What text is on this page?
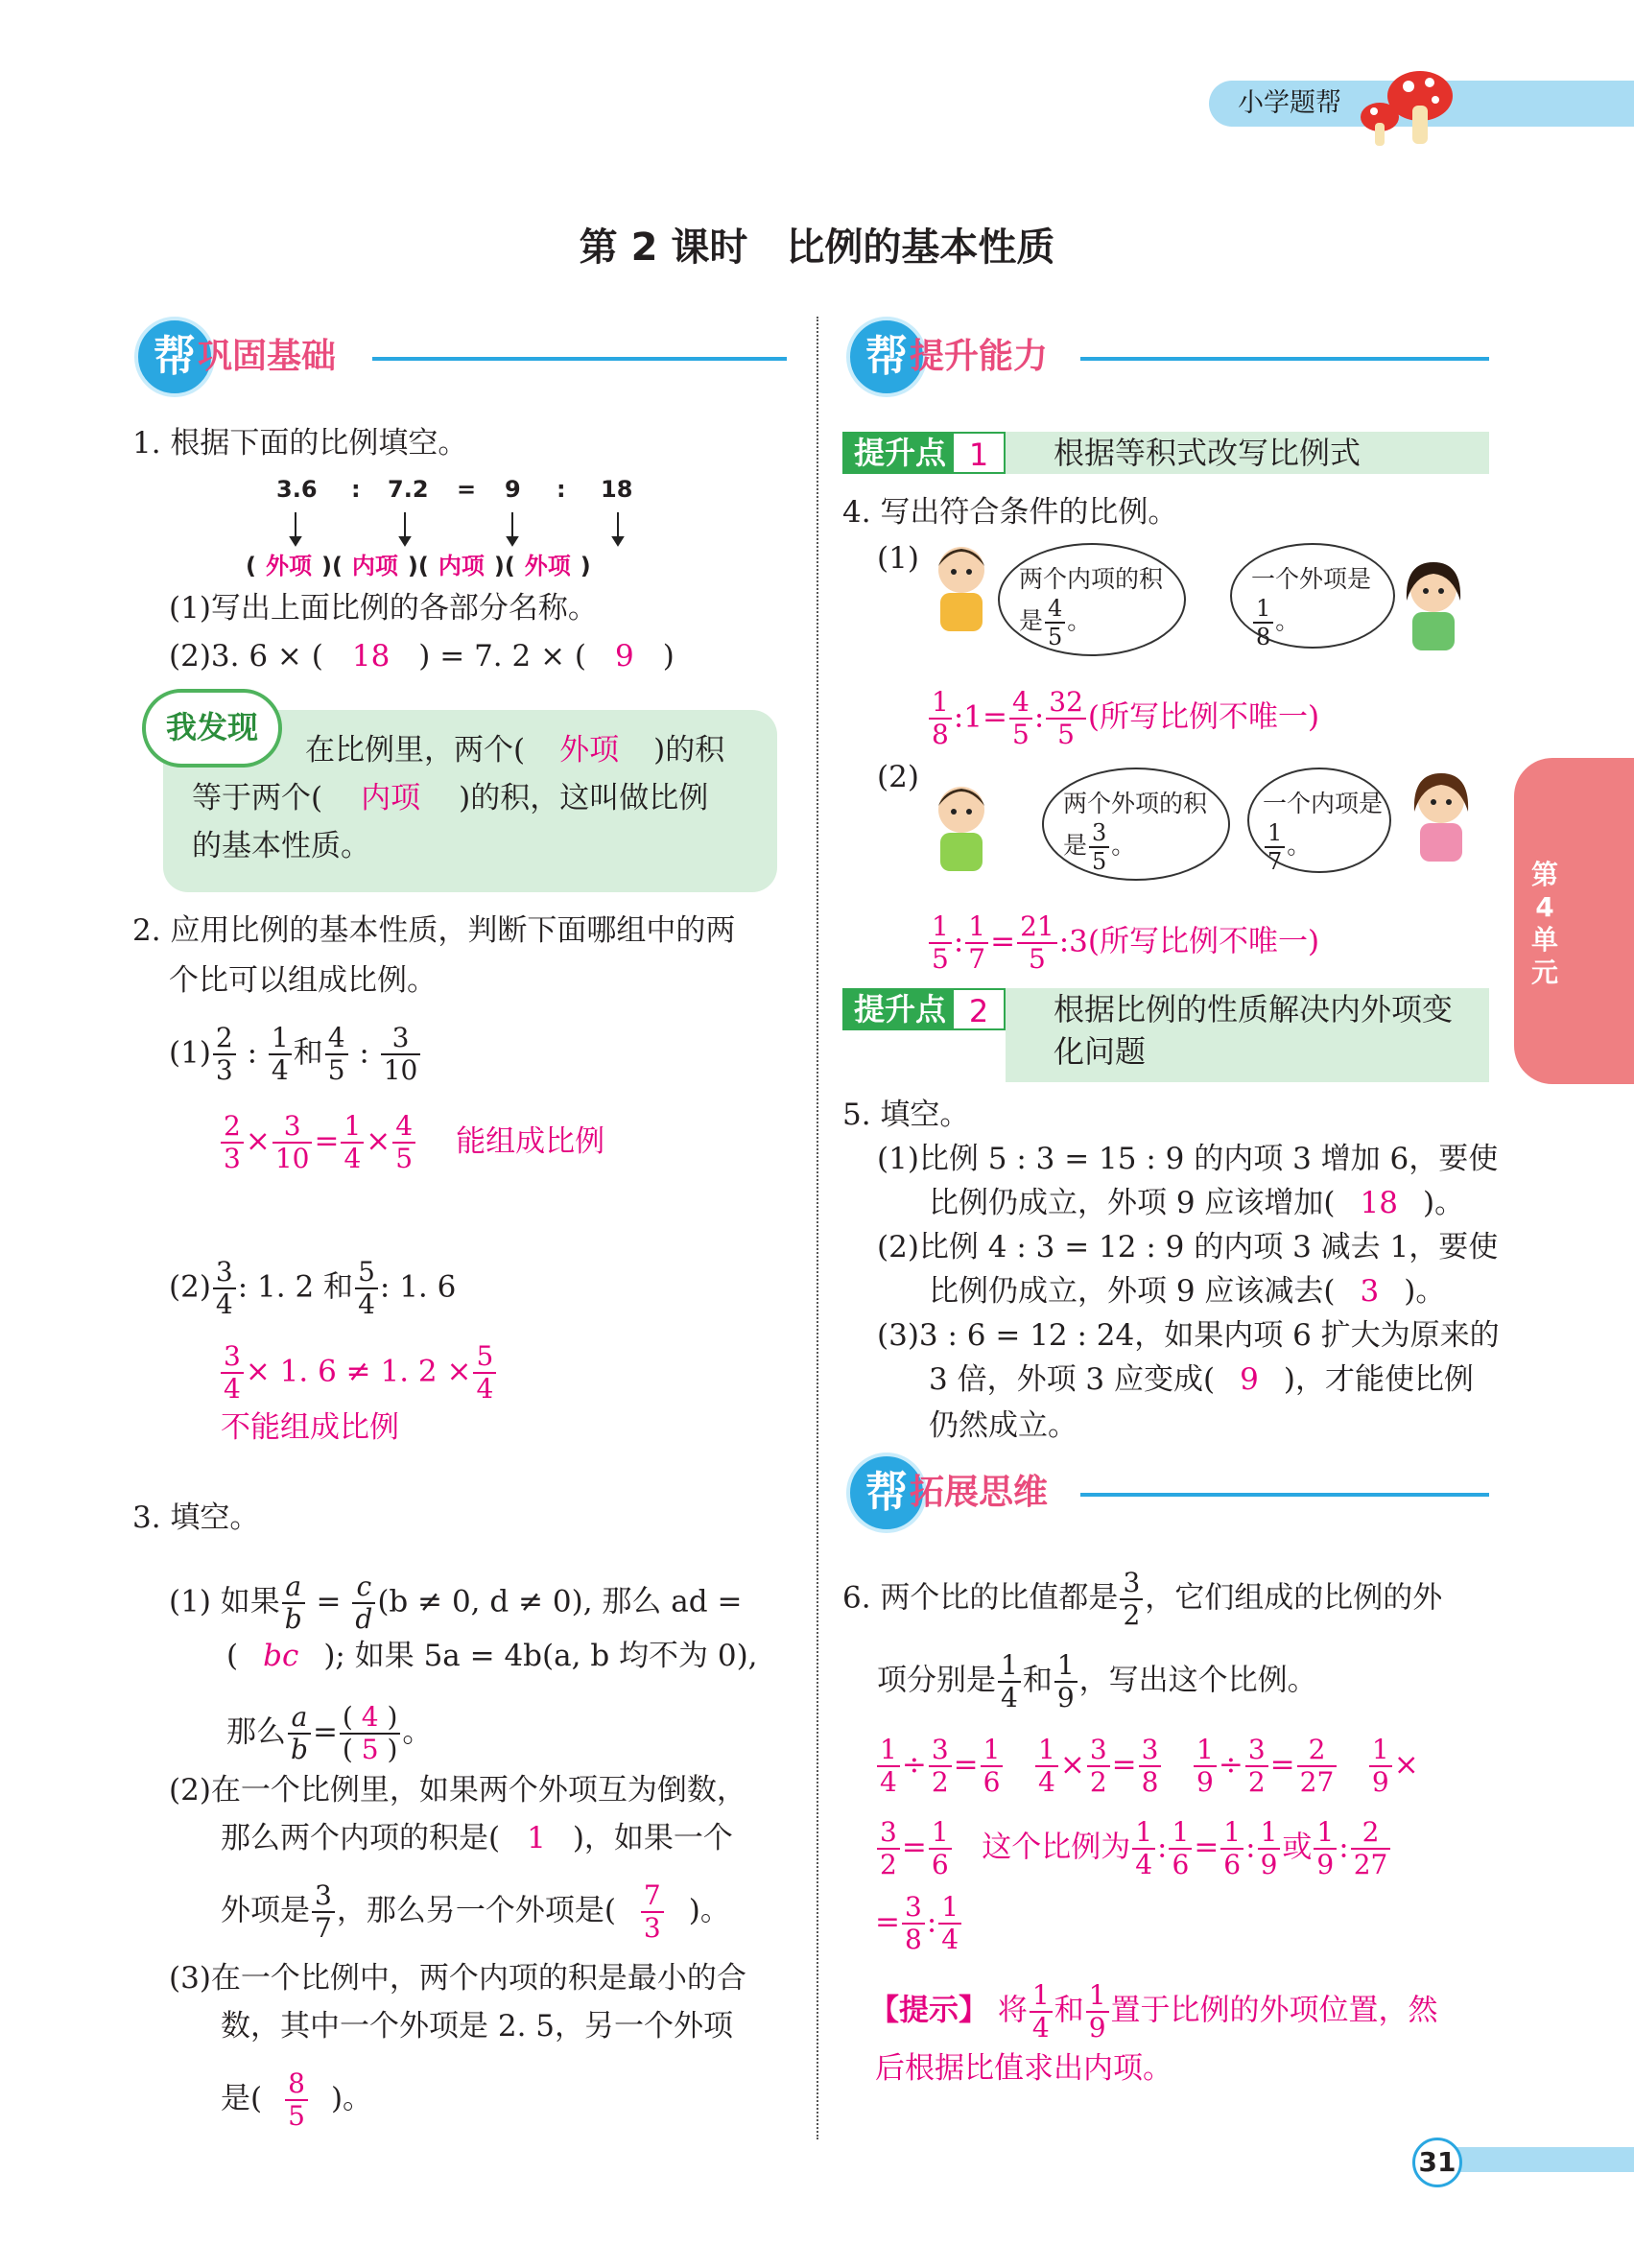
小学题帮
第 2 课时　比例的基本性质
帮 巩固基础
1. 根据下面的比例填空。
3.6 : 7.2 = 9 : 18
( 外项 )( 内项 )( 内项 )( 外项 )
(1)写出上面比例的各部分名称。
(2)3. 6 × ( 18 ) = 7. 2 × ( 9 )
我发现
在比例里，两个( 外项 )的积
等于两个( 内项 )的积，这叫做比例
的基本性质。
2. 应用比例的基本性质，判断下面哪组中的两
个比可以组成比例。
$(1) \frac{2}{3}$ : $\frac{1}{4}$ 和 $\frac{4}{5}$ : $\frac{3}{10}$
$\frac{2}{3} \times \frac{3}{10} = \frac{1}{4} \times \frac{4}{5}$ 能组成比例
$(2) \frac{3}{4}$ : 1. 2 和 $\frac{5}{4}$ : 1. 6
$\frac{3}{4} \times 1$. 6 ≠ 1. $2 \times \frac{5}{4}$
不能组成比例
3. 填空。
(1) 如果 $\frac{a}{b} = \frac{c}{d} (b \ne 0$, d ≠ 0), 那么 ad =
( bc ); 如果 5a = 4b(a, b 均不为 0),
那么 $\frac{a}{b} = \frac{( 4 )}{( 5 )}$ 。
(2)在一个比例里，如果两个外项互为倒数，
那么两个内项的积是( 1 )，如果一个
外项是 $\frac{3}{7}$ ，那么另一个外项是( $\frac{7}{3}$ )。
(3)在一个比例中，两个内项的积是最小的合
数，其中一个外项是 2. 5，另一个外项
是( $\frac{8}{5}$ )。
帮 提升能力
提升点 1	根据等积式改写比例式
4. 写出符合条件的比例。
(1)
两个内项的积是 $\frac{4}{5}$ 。
一个外项是
$\frac{1}{8}$ 。
$\frac{1}{8}$ :1= $\frac{4}{5}$ : $\frac{32}{5}$ (所写比例不唯一)
(2)
两个外项的积是 $\frac{3}{5}$ 。
一个内项是
$\frac{1}{7}$ 。
$\frac{1}{5}$ : $\frac{1}{7} = \frac{21}{5}$ :3(所写比例不唯一)
提升点 2	根据比例的性质解决内外项变
化问题
5. 填空。
(1)比例 5 : 3 = 15 : 9 的内项 3 增加 6，要使
比例仍成立，外项 9 应该增加( 18 )。
(2)比例 4 : 3 = 12 : 9 的内项 3 减去 1，要使
比例仍成立，外项 9 应该减去( 3 )。
(3)3 : 6 = 12 : 24，如果内项 6 扩大为原来的
3 倍，外项 3 应变成( 9 )，才能使比例
仍然成立。
帮 拓展思维
6. 两个比的比值都是 $\frac{3}{2}$ ，它们组成的比例的外
项分别是 $\frac{1}{4}$ 和 $\frac{1}{9}$ ，写出这个比例。
$\frac{1}{4} \div \frac{3}{2} = \frac{1}{6}$
$\frac{1}{4} \times \frac{3}{2} = \frac{3}{8}$
$\frac{1}{9} \div \frac{3}{2} = \frac{2}{27}$
$\frac{1}{9}$ ×
$\frac{3}{2} = \frac{1}{6}$ 这个比例为 $\frac{1}{4}$ : $\frac{1}{6} = \frac{1}{6}$ : $\frac{1}{9}$ 或 $\frac{1}{9}$ : $\frac{2}{27}$
= $\frac{3}{8}$ : $\frac{1}{4}$
【提示】 将 $\frac{1}{4}$ 和 $\frac{1}{9}$ 置于比例的外项位置，然
后根据比值求出内项。
第4单元
31
